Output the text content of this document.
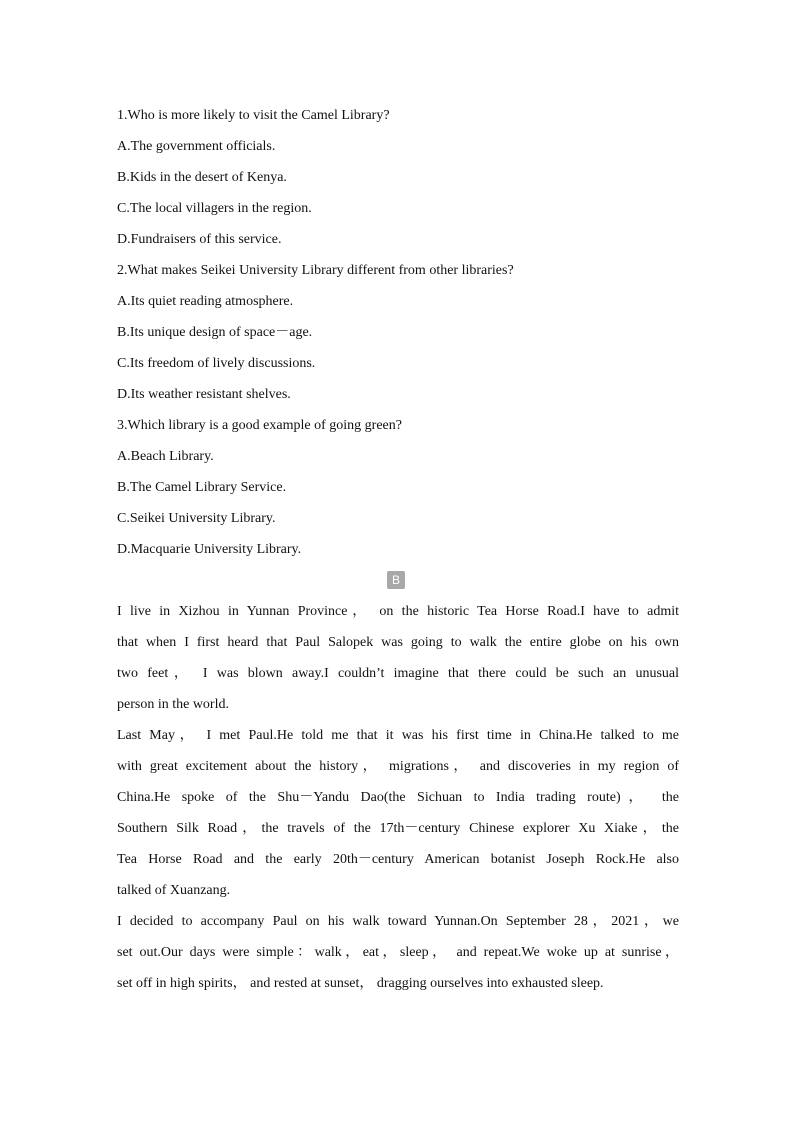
1.Who is more likely to visit the Camel Library?
A.The government officials.
B.Kids in the desert of Kenya.
C.The local villagers in the region.
D.Fundraisers of this service.
2.What makes Seikei University Library different from other libraries?
A.Its quiet reading atmosphere.
B.Its unique design of space－age.
C.Its freedom of lively discussions.
D.Its weather resistant shelves.
3.Which library is a good example of going green?
A.Beach Library.
B.The Camel Library Service.
C.Seikei University Library.
D.Macquarie University Library.
B
I live in Xizhou in Yunnan Province， on the historic Tea Horse Road.I have to admit
that when I first heard that Paul Salopek was going to walk the entire globe on his own
two feet， I was blown away.I couldn’t imagine that there could be such an unusual
person in the world.
Last May， I met Paul.He told me that it was his first time in China.He talked to me
with great excitement about the history， migrations， and discoveries in my region of
China.He spoke of the Shu－Yandu Dao(the Sichuan to India trading route)， the
Southern Silk Road，the travels of the 17th－century Chinese explorer Xu Xiake，the
Tea Horse Road and the early 20th－century American botanist Joseph Rock.He also
talked of Xuanzang.
I decided to accompany Paul on his walk toward Yunnan.On September 28，2021，we
set out.Our days were simple：walk，eat，sleep， and repeat.We woke up at sunrise，
set off in high spirits， and rested at sunset， dragging ourselves into exhausted sleep.
